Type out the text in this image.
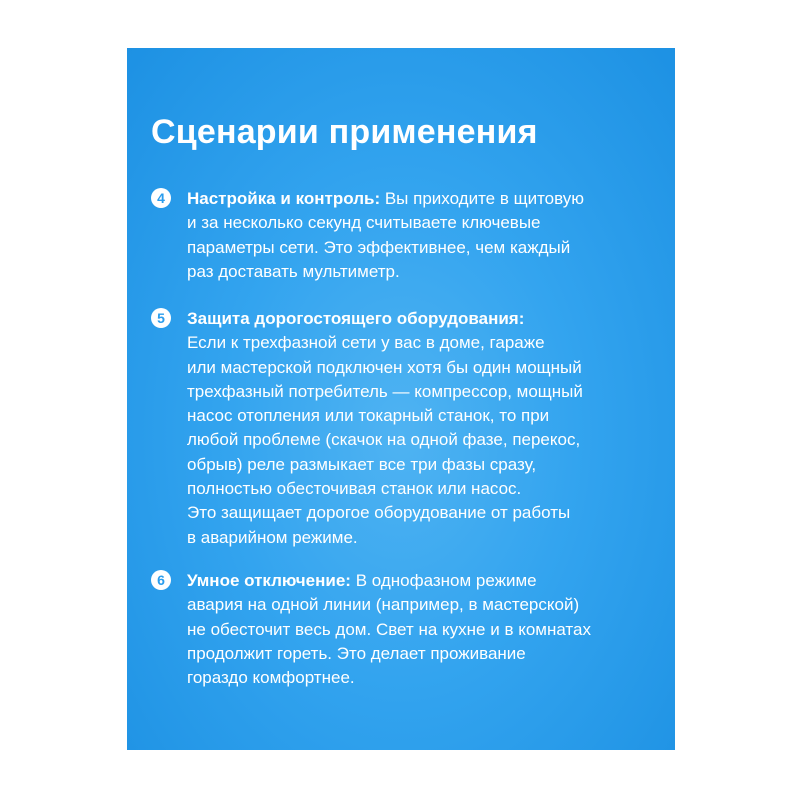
Сценарии применения
4	Настройка и контроль: Вы приходите в щитовую
и за несколько секунд считываете ключевые
параметры сети. Это эффективнее, чем каждый
раз доставать мультиметр.
5	Защита дорогостоящего оборудования:
Если к трехфазной сети у вас в доме, гараже
или мастерской подключен хотя бы один мощный
трехфазный потребитель — компрессор, мощный
насос отопления или токарный станок, то при
любой проблеме (скачок на одной фазе, перекос,
обрыв) реле размыкает все три фазы сразу,
полностью обесточивая станок или насос.
Это защищает дорогое оборудование от работы
в аварийном режиме.
6	Умное отключение: В однофазном режиме
авария на одной линии (например, в мастерской)
не обесточит весь дом. Свет на кухне и в комнатах
продолжит гореть. Это делает проживание
гораздо комфортнее.
